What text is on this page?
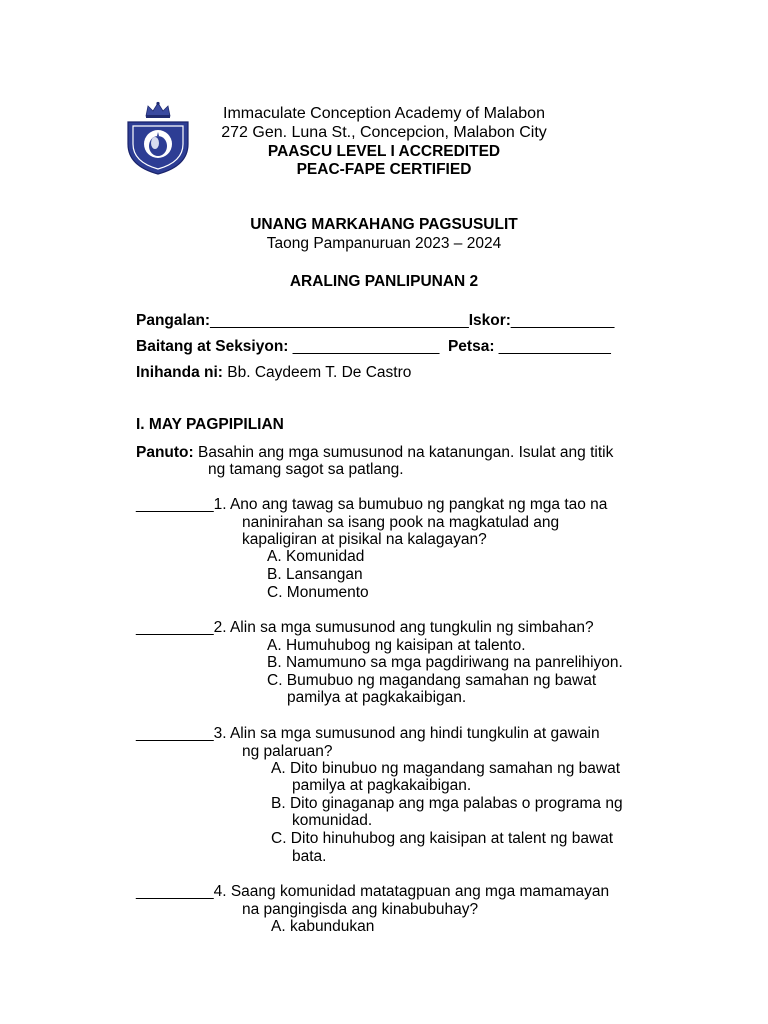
Immaculate Conception Academy of Malabon
272 Gen. Luna St., Concepcion, Malabon City
PAASCU LEVEL I ACCREDITED
PEAC-FAPE CERTIFIED
UNANG MARKAHANG PAGSUSULIT
Taong Pampanuruan 2023 – 2024
ARALING PANLIPUNAN 2
Pangalan:______________________________Iskor:____________
Baitang at Seksiyon: _________________ Petsa: _____________
Inihanda ni: Bb. Caydeem T. De Castro
I. MAY PAGPIPILIAN
Panuto: Basahin ang mga sumusunod na katanungan. Isulat ang titik
ng tamang sagot sa patlang.
_________1. Ano ang tawag sa bumubuo ng pangkat ng mga tao na
naninirahan sa isang pook na magkatulad ang
kapaligiran at pisikal na kalagayan?
A. Komunidad
B. Lansangan
C. Monumento
_________2. Alin sa mga sumusunod ang tungkulin ng simbahan?
A. Humuhubog ng kaisipan at talento.
B. Namumuno sa mga pagdiriwang na panrelihiyon.
C. Bumubuo ng magandang samahan ng bawat
pamilya at pagkakaibigan.
_________3. Alin sa mga sumusunod ang hindi tungkulin at gawain
ng palaruan?
A. Dito binubuo ng magandang samahan ng bawat
pamilya at pagkakaibigan.
B. Dito ginaganap ang mga palabas o programa ng
komunidad.
C. Dito hinuhubog ang kaisipan at talent ng bawat
bata.
_________4. Saang komunidad matatagpuan ang mga mamamayan
na pangingisda ang kinabubuhay?
A. kabundukan
